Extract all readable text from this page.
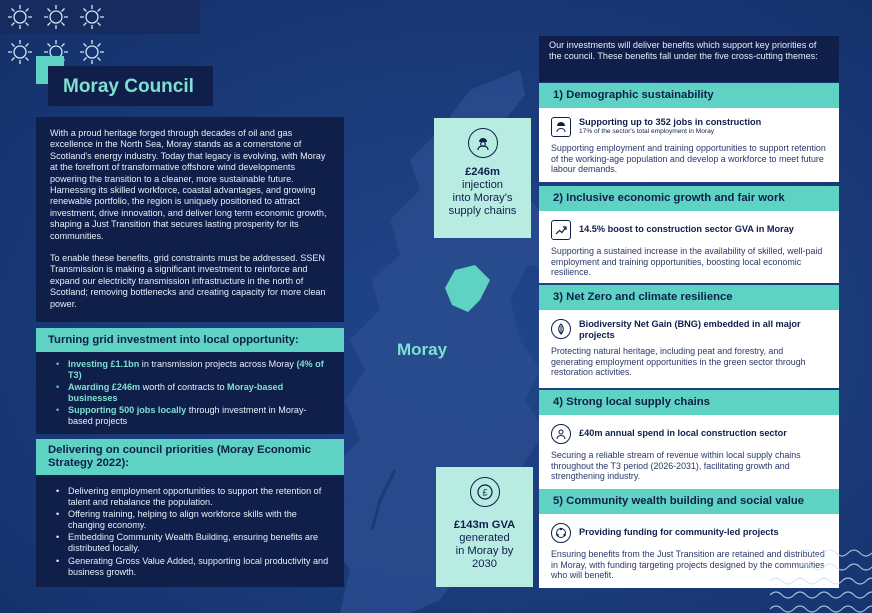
Moray Council

With a proud heritage forged through decades of oil and gas excellence in the North Sea, Moray stands as a cornerstone of Scotland's energy industry. Today that legacy is evolving, with Moray at the forefront of transformative offshore wind developments powering the transition to a cleaner, more sustainable future. Harnessing its skilled workforce, coastal advantages, and growing renewable portfolio, the region is uniquely positioned to attract investment, drive innovation, and deliver long term economic growth, shaping a Just Transition that secures lasting prosperity for its communities.

To enable these benefits, grid constraints must be addressed. SSEN Transmission is making a significant investment to reinforce and expand our electricity transmission infrastructure in the north of Scotland; removing bottlenecks and creating capacity for more clean power.

Turning grid investment into local opportunity:
• Investing £1.1bn in transmission projects across Moray (4% of T3)
• Awarding £246m worth of contracts to Moray-based businesses
• Supporting 500 jobs locally through investment in Moray-based projects
Delivering on council priorities (Moray Economic Strategy 2022):
• Delivering employment opportunities to support the retention of talent and rebalance the population.
• Offering training, helping to align workforce skills with the changing economy.
• Embedding Community Wealth Building, ensuring benefits are distributed locally.
• Generating Gross Value Added, supporting local productivity and business growth.
£246m
injection
into Moray's
supply chains
Moray
£
£143m GVA
generated
in Moray by
2030
Our investments will deliver benefits which support key priorities of the council. These benefits fall under the five cross-cutting themes:
1) Demographic sustainability
Supporting up to 352 jobs in construction
17% of the sector's total employment in Moray
Supporting employment and training opportunities to support retention of the working-age population and develop a workforce to meet future labour demands.
2) Inclusive economic growth and fair work
14.5% boost to construction sector GVA in Moray
Supporting a sustained increase in the availability of skilled, well-paid employment and training opportunities, boosting local economic resilience.
3) Net Zero and climate resilience
Biodiversity Net Gain (BNG) embedded in all major projects
Protecting natural heritage, including peat and forestry, and generating employment opportunities in the green sector through restoration activities.
4) Strong local supply chains
£40m annual spend in local construction sector
Securing a reliable stream of revenue within local supply chains throughout the T3 period (2026-2031), facilitating growth and strengthening industry.
5) Community wealth building and social value
Providing funding for community-led projects
Ensuring benefits from the Just Transition are retained and distributed in Moray, with funding targeting projects designed by the communities who will benefit.
